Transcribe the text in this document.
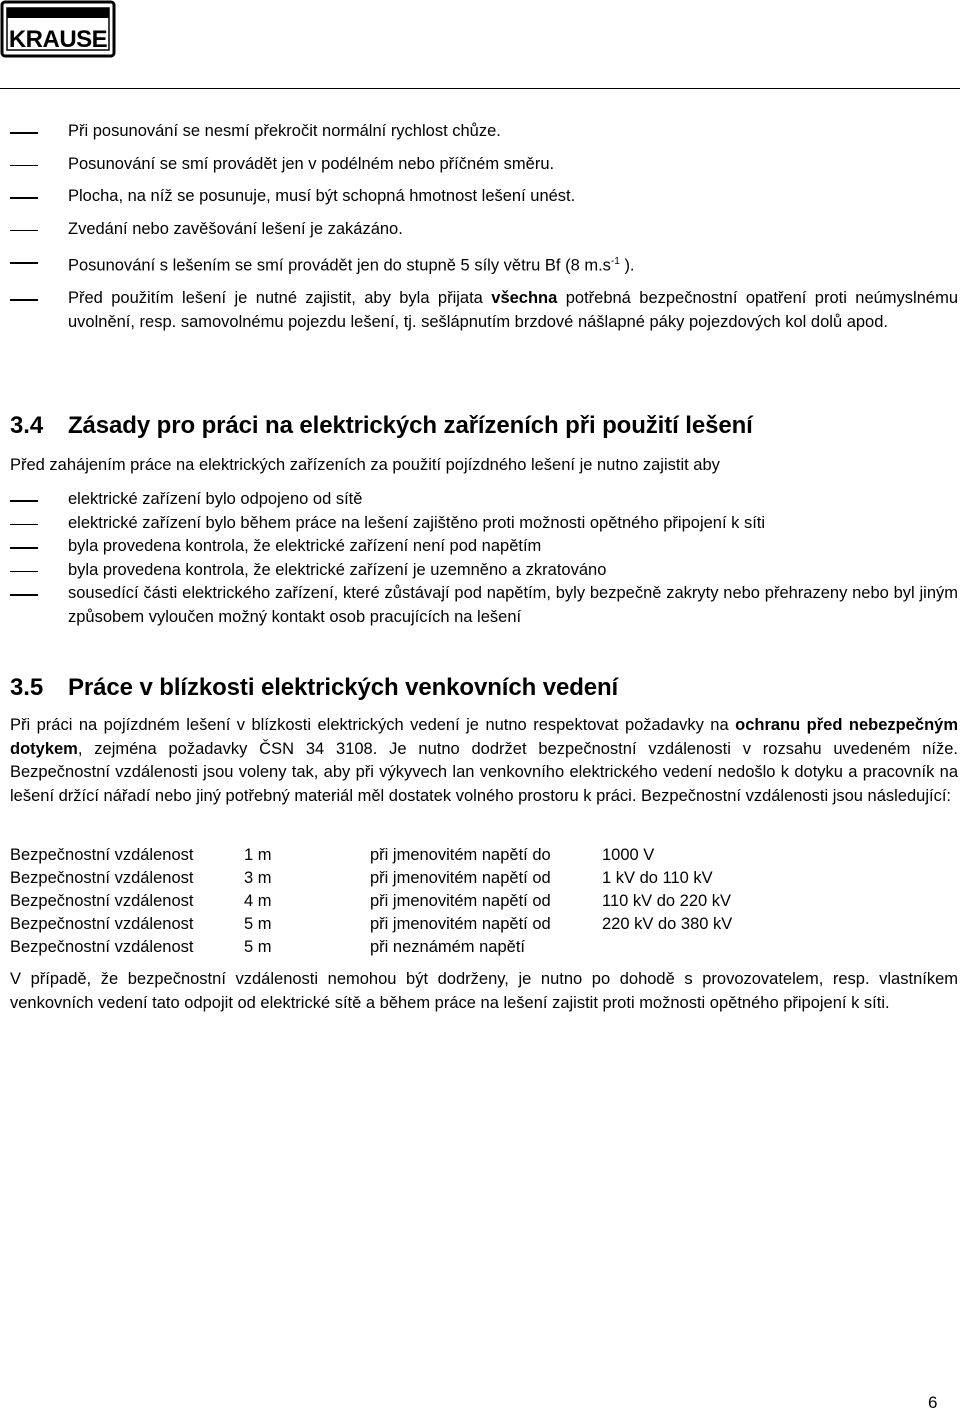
KRAUSE
Při posunování se nesmí překročit normální rychlost chůze.
Posunování se smí provádět jen v podélném nebo příčném směru.
Plocha, na níž se posunuje, musí být schopná hmotnost lešení unést.
Zvedání nebo zavěšování lešení je zakázáno.
Posunování s lešením se smí provádět jen do stupně 5 síly větru Bf (8 $m.s^{-1}$ ).
Před použitím lešení je nutné zajistit, aby byla přijata všechna potřebná bezpečnostní opatření proti neúmyslnému uvolnění, resp. samovolnému pojezdu lešení, tj. sešlápnutím brzdové nášlapné páky pojezdových kol dolů apod.
3.4 Zásady pro práci na elektrických zařízeních při použití lešení
Před zahájením práce na elektrických zařízeních za použití pojízdného lešení je nutno zajistit aby
elektrické zařízení bylo odpojeno od sítě
elektrické zařízení bylo během práce na lešení zajištěno proti možnosti opětného připojení k síti
byla provedena kontrola, že elektrické zařízení není pod napětím
byla provedena kontrola, že elektrické zařízení je uzemněno a zkratováno
sousedící části elektrického zařízení, které zůstávají pod napětím, byly bezpečně zakryty nebo přehrazeny nebo byl jiným způsobem vyloučen možný kontakt osob pracujících na lešení
3.5 Práce v blízkosti elektrických venkovních vedení
Při práci na pojízdném lešení v blízkosti elektrických vedení je nutno respektovat požadavky na ochranu před nebezpečným dotykem, zejména požadavky ČSN 34 3108. Je nutno dodržet bezpečnostní vzdálenosti v rozsahu uvedeném níže. Bezpečnostní vzdálenosti jsou voleny tak, aby při výkyvech lan venkovního elektrického vedení nedošlo k dotyku a pracovník na lešení držící nářadí nebo jiný potřebný materiál měl dostatek volného prostoru k práci. Bezpečnostní vzdálenosti jsou následující:
Bezpečnostní vzdálenost	1 m	při jmenovitém napětí do	1000 V
Bezpečnostní vzdálenost	3 m	při jmenovitém napětí od	1 kV do 110 kV
Bezpečnostní vzdálenost	4 m	při jmenovitém napětí od	110 kV do 220 kV
Bezpečnostní vzdálenost	5 m	při jmenovitém napětí od	220 kV do 380 kV
Bezpečnostní vzdálenost	5 m	při neznámém napětí
V případě, že bezpečnostní vzdálenosti nemohou být dodrženy, je nutno po dohodě s provozovatelem, resp. vlastníkem venkovních vedení tato odpojit od elektrické sítě a během práce na lešení zajistit proti možnosti opětného připojení k síti.
6
